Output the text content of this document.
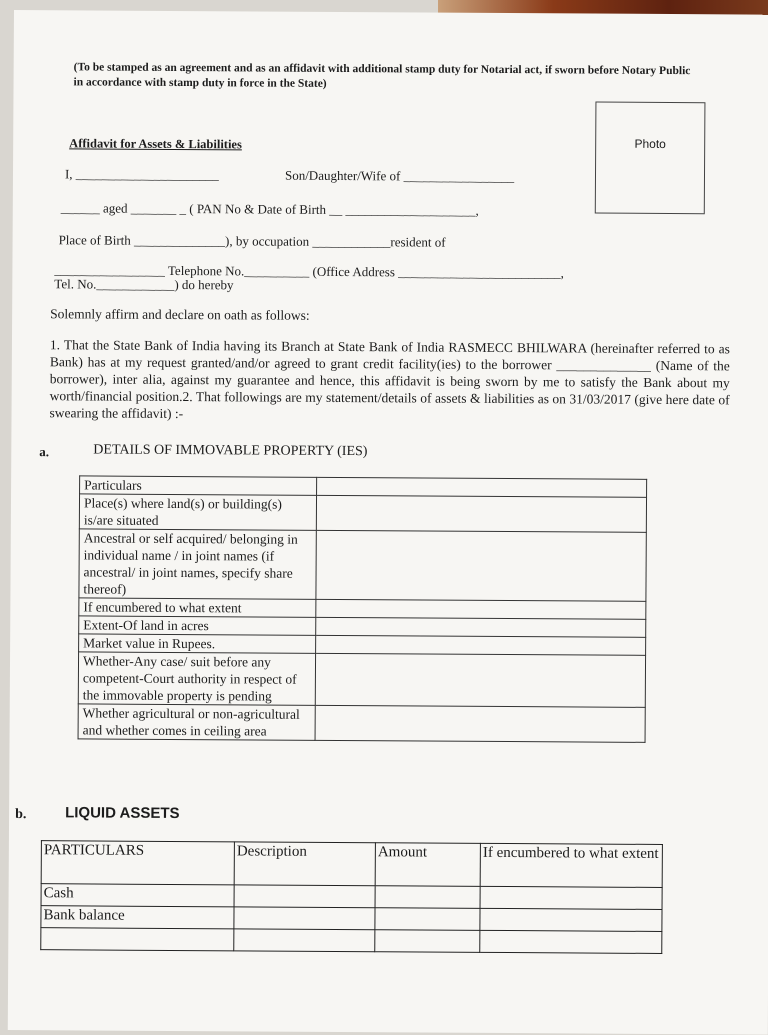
(To be stamped as an agreement and as an affidavit with additional stamp duty for Notarial act, if sworn before Notary Public in accordance with stamp duty in force in the State)
Photo
Affidavit for Assets & Liabilities
I, ______________________	Son/Daughter/Wife of _________________
______ aged _______ _ ( PAN No & Date of Birth __ ____________________,
Place of Birth ______________), by occupation ____________resident of
_________________ Telephone No.__________ (Office Address _________________________,
Tel. No.____________) do hereby
Solemnly affirm and declare on oath as follows:
1. That the State Bank of India having its Branch at State Bank of India RASMECC BHILWARA (hereinafter referred to as Bank) has at my request granted/and/or agreed to grant credit facility(ies) to the borrower ______________ (Name of the borrower), inter alia, against my guarantee and hence, this affidavit is being sworn by me to satisfy the Bank about my worth/financial position.2. That followings are my statement/details of assets & liabilities as on 31/03/2017 (give here date of swearing the affidavit) :-
a.	DETAILS OF IMMOVABLE PROPERTY (IES)
Particulars	
Place(s) where land(s) or building(s) is/are situated	
Ancestral or self acquired/ belonging in individual name / in joint names (if ancestral/ in joint names, specify share thereof)	
If encumbered to what extent	
Extent-Of land in acres	
Market value in Rupees.	
Whether-Any case/ suit before any competent-Court authority in respect of the immovable property is pending	
Whether agricultural or non-agricultural and whether comes in ceiling area	
b.	LIQUID ASSETS
PARTICULARS	Description	Amount	If encumbered to what extent
Cash			
Bank balance			
